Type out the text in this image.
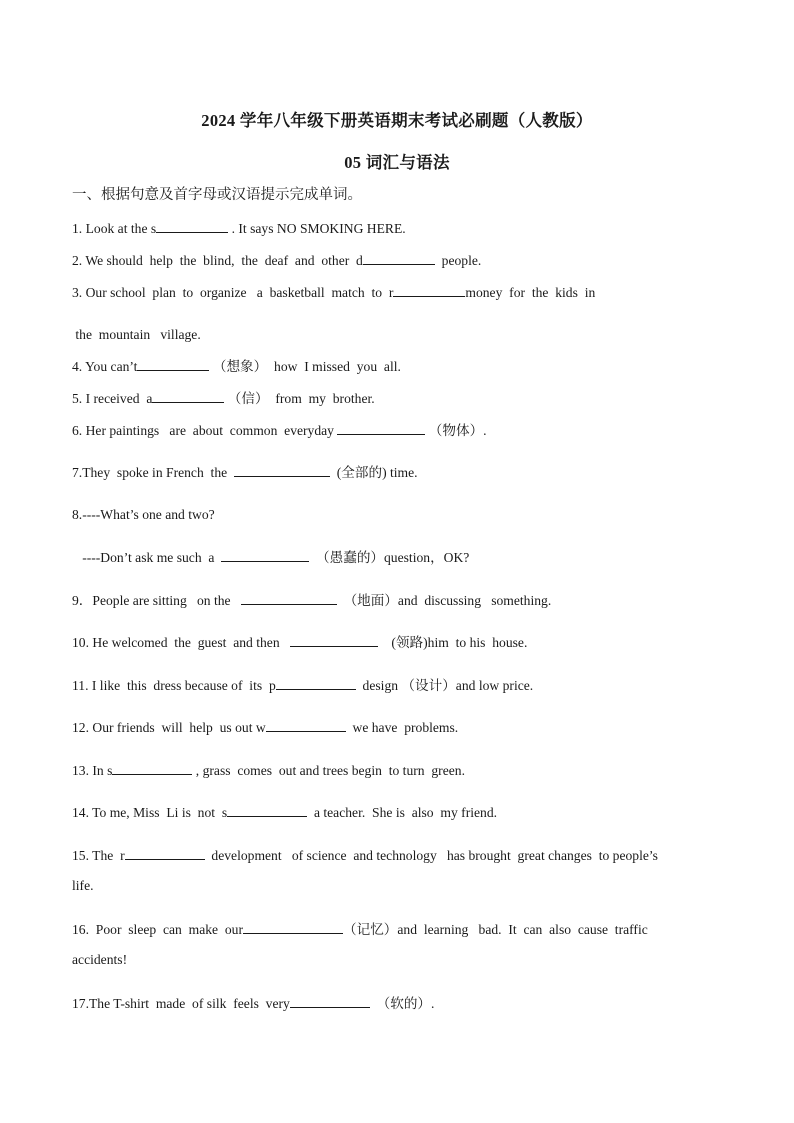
2024 学年八年级下册英语期末考试必刷题（人教版）
05 词汇与语法
一、根据句意及首字母或汉语提示完成单词。
1. Look at the s	. It says NO SMOKING HERE.
2. We should  help  the  blind,  the  deaf  and  other  d	people.
3. Our school  plan  to  organize   a  basketball  match  to  r	money  for  the  kids  in
the  mountain   village.
4. You can’t	（想象）  how  I missed  you  all.
5. I received  a	（信）  from  my  brother.
6. Her paintings   are  about  common  everyday	（物体）.
7.They  spoke in French  the	(全部的) time.
8.----What’s one and two?
----Don’t ask me such  a	（愚蠢的）question，OK?
9．People are sitting   on the	（地面）and  discussing   something.
10. He welcomed  the  guest  and then	(领路)him  to his  house.
11. I like  this  dress because of  its  p	design （设计）and low price.
12. Our friends  will  help  us out w	we have  problems.
13. In s	, grass  comes  out and trees begin  to turn  green.
14. To me, Miss  Li is  not  s	a teacher.  She is  also  my friend.
15. The  r	development   of science  and technology   has brought  great changes  to people’s
life.
16.  Poor  sleep  can  make  our	（记忆）and  learning   bad.  It  can  also  cause  traffic
accidents!
17.The T-shirt  made  of silk  feels  very	（软的）.
